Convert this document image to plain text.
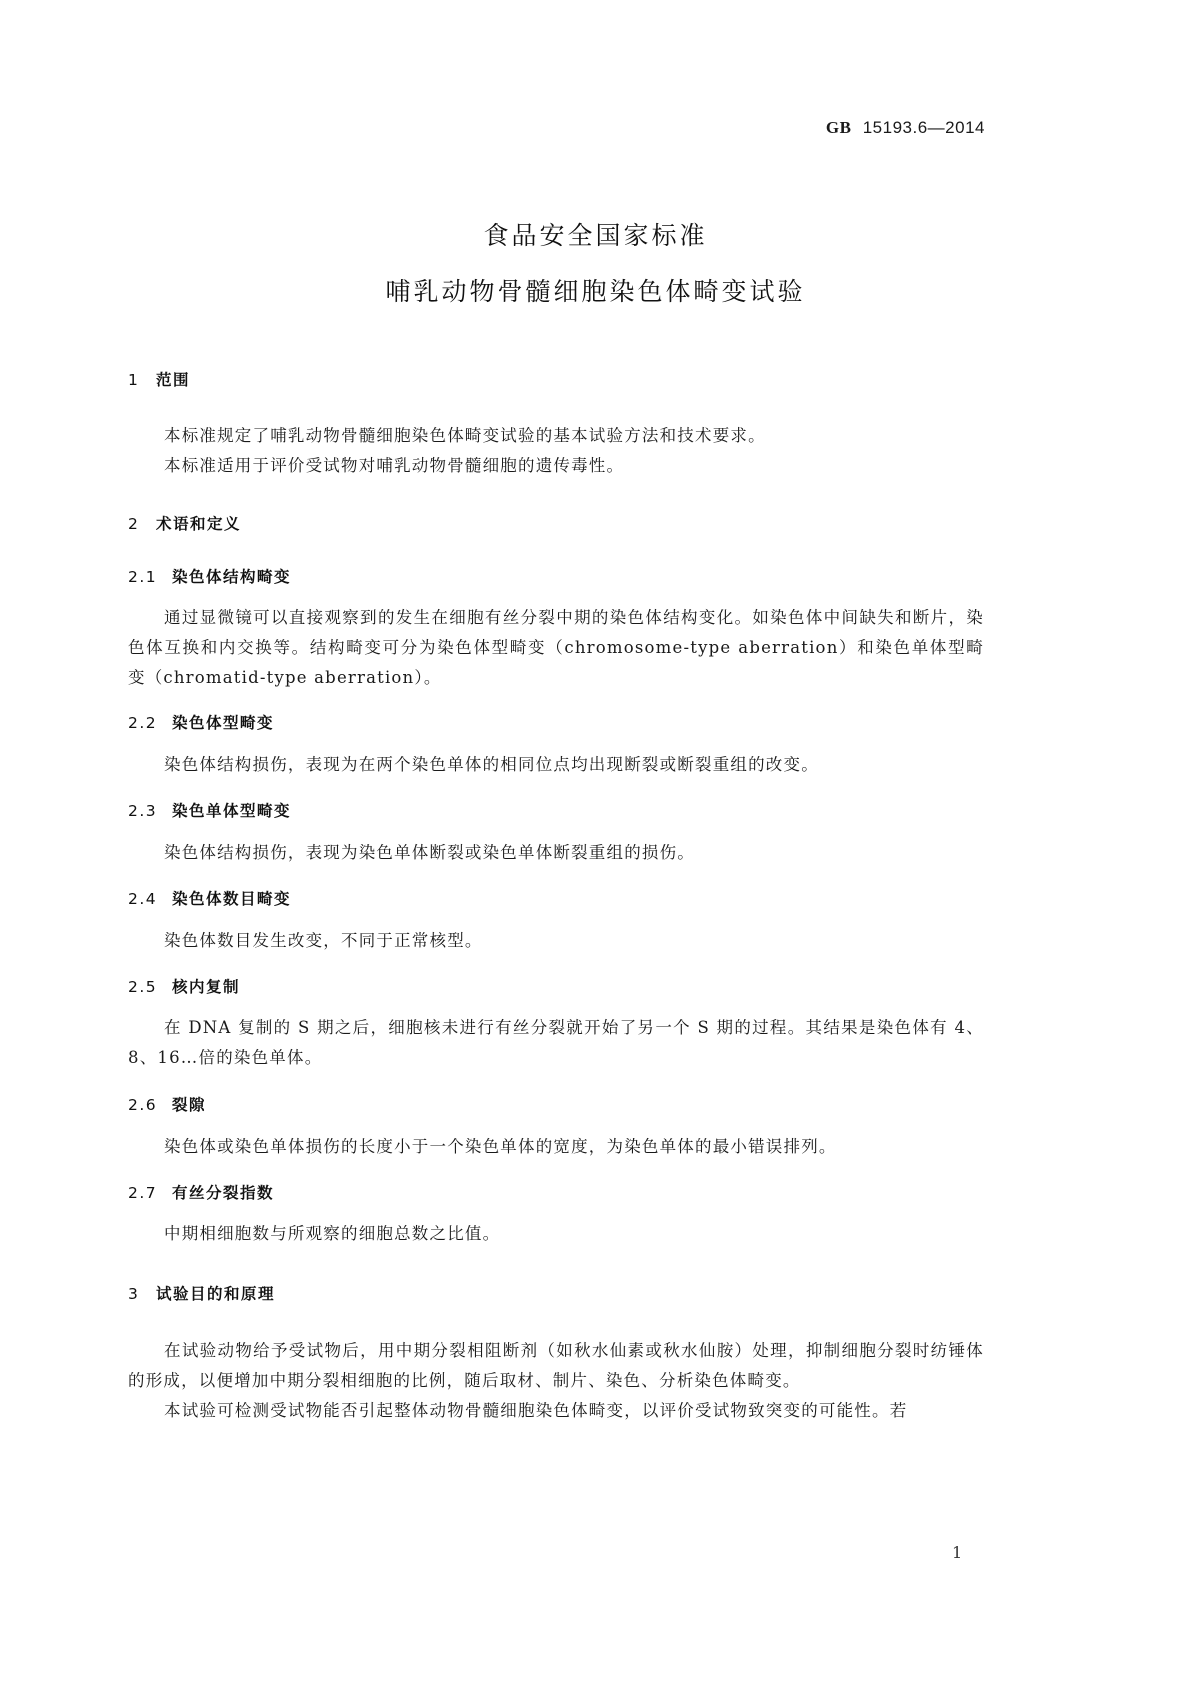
GB 15193.6—2014
食品安全国家标准
哺乳动物骨髓细胞染色体畸变试验
1 范围
本标准规定了哺乳动物骨髓细胞染色体畸变试验的基本试验方法和技术要求。
本标准适用于评价受试物对哺乳动物骨髓细胞的遗传毒性。
2 术语和定义
2.1 染色体结构畸变
通过显微镜可以直接观察到的发生在细胞有丝分裂中期的染色体结构变化。如染色体中间缺失和断片，染色体互换和内交换等。结构畸变可分为染色体型畸变（chromosome-type aberration）和染色单体型畸变（chromatid-type aberration）。
2.2 染色体型畸变
染色体结构损伤，表现为在两个染色单体的相同位点均出现断裂或断裂重组的改变。
2.3 染色单体型畸变
染色体结构损伤，表现为染色单体断裂或染色单体断裂重组的损伤。
2.4 染色体数目畸变
染色体数目发生改变，不同于正常核型。
2.5 核内复制
在 DNA 复制的 S 期之后，细胞核未进行有丝分裂就开始了另一个 S 期的过程。其结果是染色体有 4、8、16…倍的染色单体。
2.6 裂隙
染色体或染色单体损伤的长度小于一个染色单体的宽度，为染色单体的最小错误排列。
2.7 有丝分裂指数
中期相细胞数与所观察的细胞总数之比值。
3 试验目的和原理
在试验动物给予受试物后，用中期分裂相阻断剂（如秋水仙素或秋水仙胺）处理，抑制细胞分裂时纺锤体的形成，以便增加中期分裂相细胞的比例，随后取材、制片、染色、分析染色体畸变。
本试验可检测受试物能否引起整体动物骨髓细胞染色体畸变，以评价受试物致突变的可能性。若
1
